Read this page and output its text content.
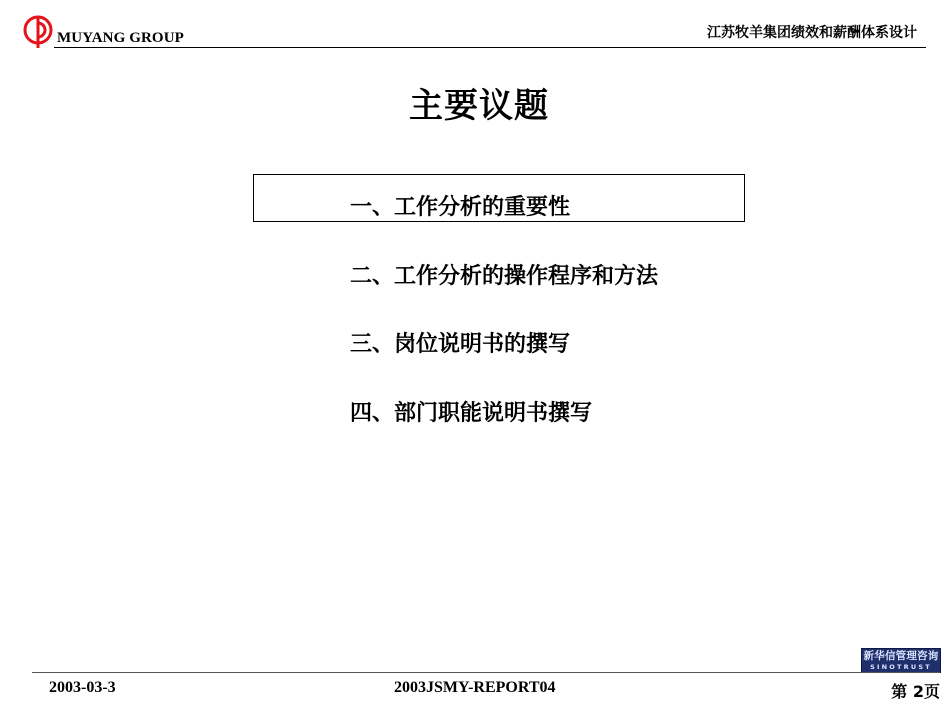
MUYANG GROUP	江苏牧羊集团绩效和薪酬体系设计
主要议题
一、工作分析的重要性
二、工作分析的操作程序和方法
三、岗位说明书的撰写
四、部门职能说明书撰写
新华信管理咨询
SINOTRUST
2003-03-3	2003JSMY-REPORT04	第 2页
